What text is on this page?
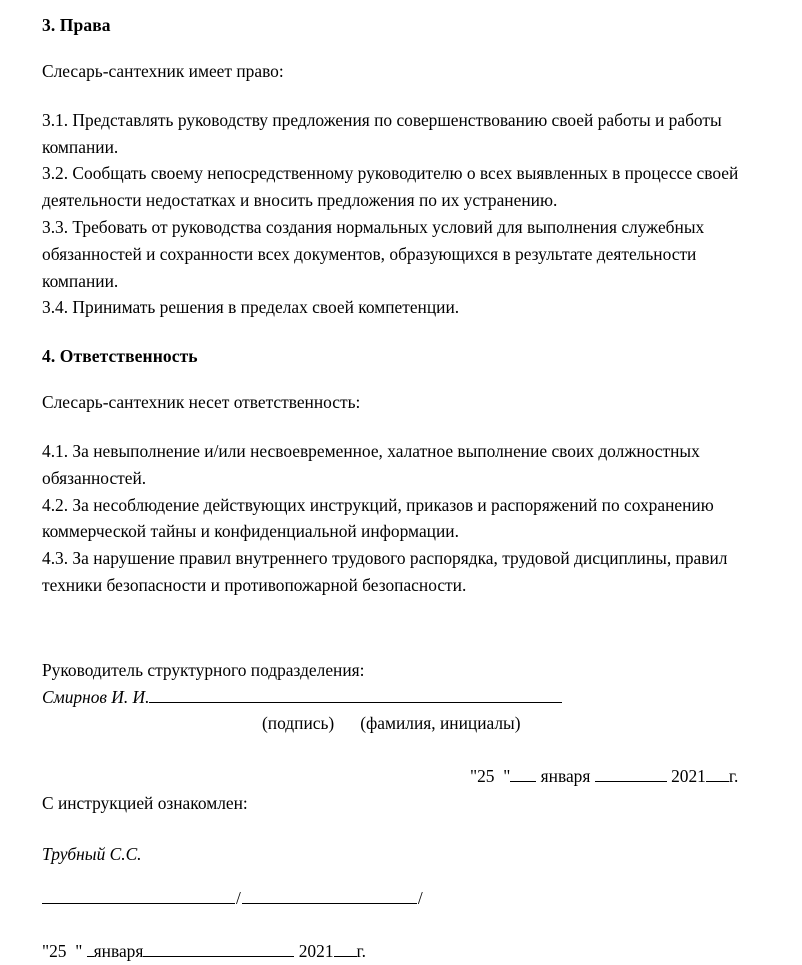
3. Права

Слесарь-сантехник имеет право:

3.1. Представлять руководству предложения по совершенствованию своей работы и работы компании.

3.2. Сообщать своему непосредственному руководителю о всех выявленных в процессе своей деятельности недостатках и вносить предложения по их устранению.

3.3. Требовать от руководства создания нормальных условий для выполнения служебных обязанностей и сохранности всех документов, образующихся в результате деятельности компании.

3.4. Принимать решения в пределах своей компетенции.

4. Ответственность

Слесарь-сантехник несет ответственность:

4.1. За невыполнение и/или несвоевременное, халатное выполнение своих должностных обязанностей.

4.2. За несоблюдение действующих инструкций, приказов и распоряжений по сохранению коммерческой тайны и конфиденциальной информации.

4.3. За нарушение правил внутреннего трудового распорядка, трудовой дисциплины, правил техники безопасности и противопожарной безопасности.

Руководитель структурного подразделения:

Смирнов И. И.
(подпись) (фамилия, инициалы)
"25 " января	2021 г.

С инструкцией ознакомлен:

Трубный С.С.

/	/
"25 " января	2021 г.
